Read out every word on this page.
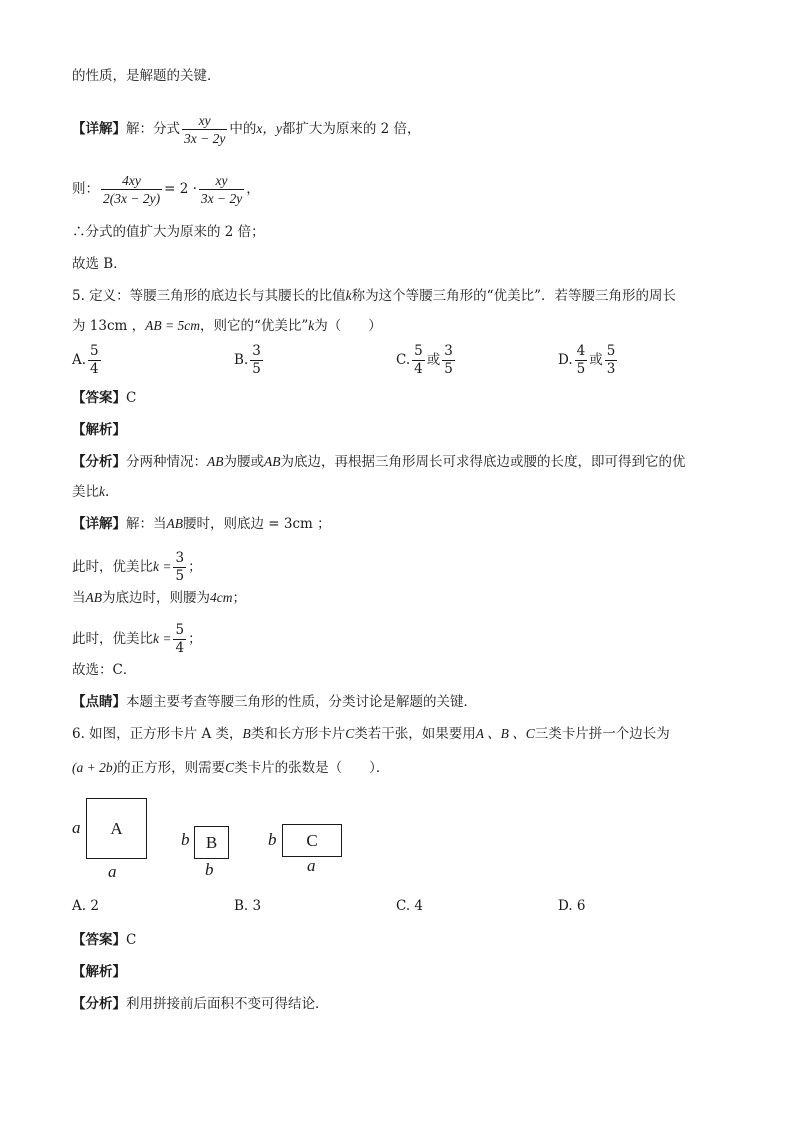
的性质，是解题的关键．
【详解】解：分式 $\frac{xy}{3x - 2y}$ 中的x，y都扩大为原来的 2 倍，
则： $\frac{4xy}{2(3x - 2y)} = 2 \cdot \frac{xy}{3x - 2y}$ ，
∴分式的值扩大为原来的 2 倍；
故选 B．
5. 定义：等腰三角形的底边长与其腰长的比值k称为这个等腰三角形的“优美比”．若等腰三角形的周长
为 13cm ，AB = 5cm，则它的“优美比”k为（　　）
A. $\frac{5}{4}$	B. $\frac{3}{5}$	C. $\frac{5}{4}$ 或 $\frac{3}{5}$	D. $\frac{4}{5}$ 或 $\frac{5}{3}$
【答案】C
【解析】
【分析】分两种情况：AB为腰或AB为底边，再根据三角形周长可求得底边或腰的长度，即可得到它的优
美比k.
【详解】解：当AB腰时，则底边 = 3cm ；
此时，优美比$k = \frac{3}{5}$ ；
当AB为底边时，则腰为4cm；
此时，优美比$k = \frac{5}{4}$ ；
故选：C．
【点睛】本题主要考查等腰三角形的性质，分类讨论是解题的关键．
6. 如图，正方形卡片 A 类，B类和长方形卡片C类若干张，如果要用A 、B 、C三类卡片拼一个边长为
(a + 2b)的正方形，则需要C类卡片的张数是（　　）．
A
a
a
B
b
b
C
b
a
A. 2	B. 3	C. 4	D. 6
【答案】C
【解析】
【分析】利用拼接前后面积不变可得结论．
